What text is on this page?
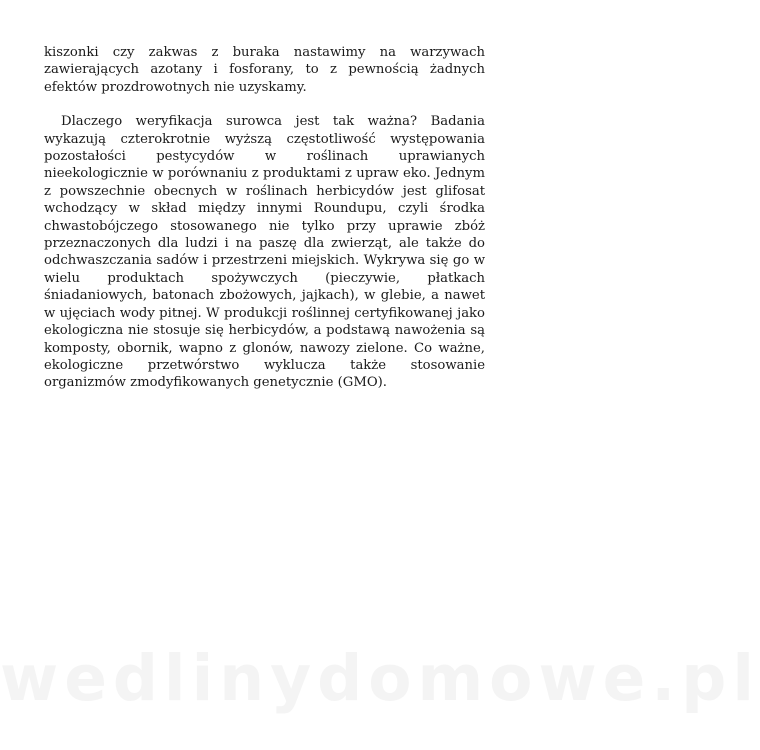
kiszonki czy zakwas z buraka nastawimy na warzywach zawierających azotany i fosforany, to z pewnością żadnych efektów prozdrowotnych nie uzyskamy.

Dlaczego weryfikacja surowca jest tak ważna? Badania wykazują czterokrotnie wyższą częstotliwość występowania pozostałości pestycydów w roślinach uprawianych nieekologicznie w porównaniu z produktami z upraw eko. Jednym z powszechnie obecnych w roślinach herbicydów jest glifosat wchodzący w skład między innymi Roundupu, czyli środka chwastobójczego stosowanego nie tylko przy uprawie zbóż przeznaczonych dla ludzi i na paszę dla zwierząt, ale także do odchwaszczania sadów i przestrzeni miejskich. Wykrywa się go w wielu produktach spożywczych (pieczywie, płatkach śniadaniowych, batonach zbożowych, jajkach), w glebie, a nawet w ujęciach wody pitnej. W produkcji roślinnej certyfikowanej jako ekologiczna nie stosuje się herbicydów, a podstawą nawożenia są komposty, obornik, wapno z glonów, nawozy zielone. Co ważne, ekologiczne przetwórstwo wyklucza także stosowanie organizmów zmodyfikowanych genetycznie (GMO).

wedlinydomowe.pl
